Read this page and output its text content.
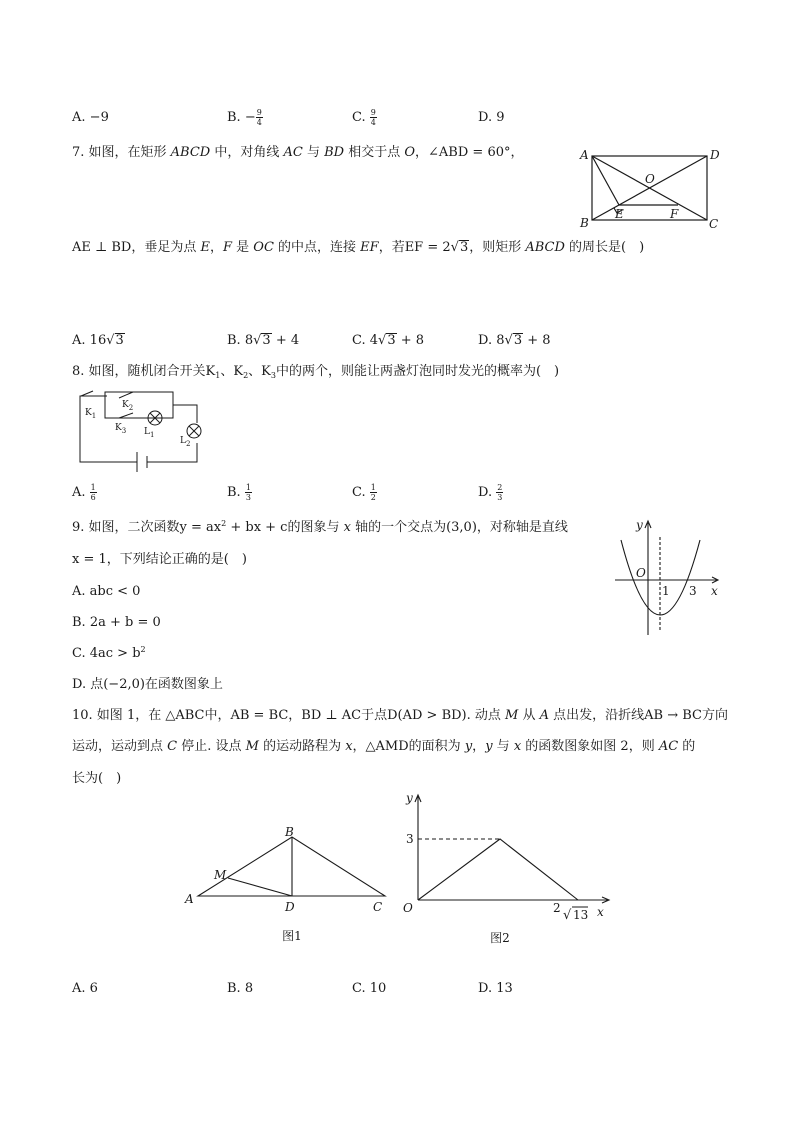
A. −9	B. − $\frac{9}{4}$	C. $\frac{9}{4}$	D. 9
7. 如图，在矩形 ABCD 中，对角线 AC 与 BD 相交于点 O，∠ABD = 60°，	A	D
O
B
E	F
C
AE ⊥ BD，垂足为点 E，F 是 OC 的中点，连接 EF，若EF = 2√3，则矩形 ABCD 的周长是(　)
A. 16√3	B. 8√3 + 4	C. 4√3 + 8	D. 8√3 + 8
8. 如图，随机闭合开关$K_1$、$K_2$、$K_3$中的两个，则能让两盏灯泡同时发光的概率为(　)
$K_1$
$K_2$
$K_3$ $L_1$
$L_2$
A. $\frac{1}{6}$	B. $\frac{1}{3}$	C. $\frac{1}{2}$	D. $\frac{2}{3}$
9. 如图，二次函数$y = ax^2$ + bx + c的图象与 x 轴的一个交点为(3,0)，对称轴是直线
x = 1，下列结论正确的是(　)
A. abc < 0
B. 2a + b = 0
C. $4ac > b^2$
D. 点(−2,0)在函数图象上
y
O
1 3 x
10. 如图 1，在 △ABC中，AB = BC，BD ⊥ AC于点D(AD > BD). 动点 M 从 A 点出发，沿折线AB → BC方向
运动，运动到点 C 停止. 设点 M 的运动路程为 x，△AMD的面积为 y，y 与 x 的函数图象如图 2，则 AC 的
长为(　)
A
B
C
D
M
图1
y
3
O	2 √ 13 x
图2
A. 6	B. 8	C. 10	D. 13
